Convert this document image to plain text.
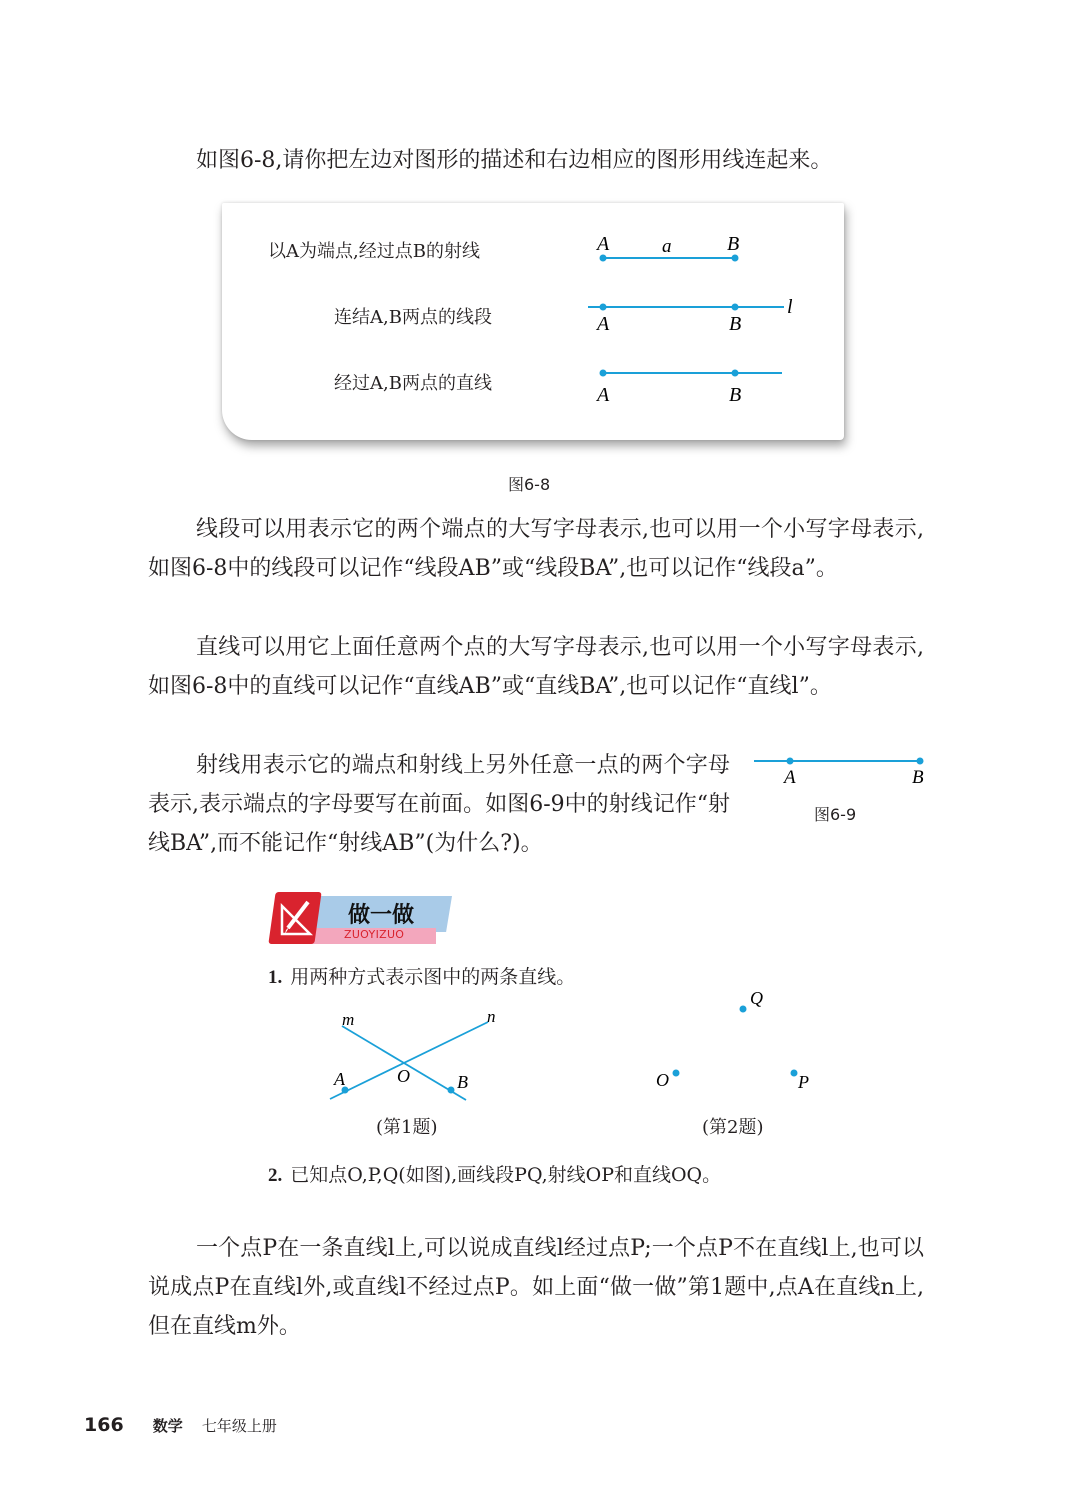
如图6-8,请你把左边对图形的描述和右边相应的图形用线连起来。
以A为端点,经过点B的射线
连结A,B两点的线段
经过A,B两点的直线
A	a	B
l
A	B
A	B
图6-8

线段可以用表示它的两个端点的大写字母表示,也可以用一个小写字母表示,如图6-8中的线段可以记作“线段AB”或“线段BA”,也可以记作“线段a”。

直线可以用它上面任意两个点的大写字母表示,也可以用一个小写字母表示,如图6-8中的直线可以记作“直线AB”或“直线BA”,也可以记作“直线l”。

射线用表示它的端点和射线上另外任意一点的两个字母表示,表示端点的字母要写在前面。如图6-9中的射线记作“射线BA”,而不能记作“射线AB”(为什么?)。

A	B
图6-9
做一做
ZUOYIZUO
1. 用两种方式表示图中的两条直线。
m	n
A	O	B
(第1题)
Q
O	P
(第2题)
2. 已知点O,P,Q(如图),画线段PQ,射线OP和直线OQ。

一个点P在一条直线l上,可以说成直线l经过点P;一个点P不在直线l上,也可以说成点P在直线l外,或直线l不经过点P。如上面“做一做”第1题中,点A在直线n上,但在直线m外。

166 数学 七年级上册
